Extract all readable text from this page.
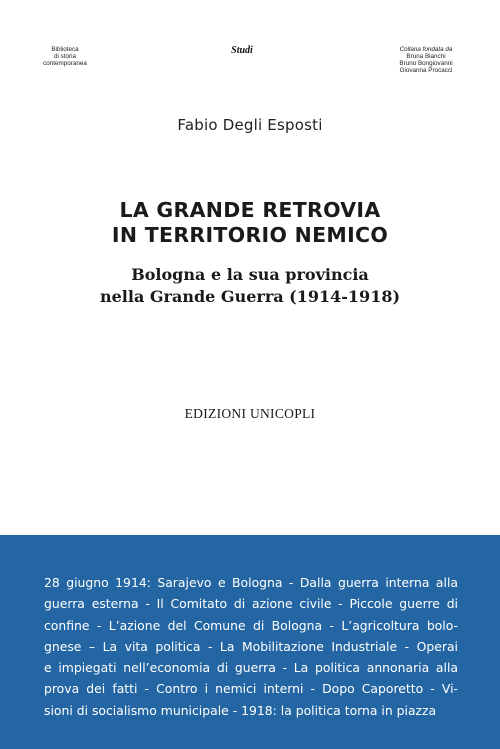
Biblioteca
di storia
contemporanea
Studi	Collana fondata da
Bruna Bianchi
Bruno Bongiovanni
Giovanna Procacci
Fabio Degli Esposti
LA GRANDE RETROVIA
IN TERRITORIO NEMICO
Bologna e la sua provincia
nella Grande Guerra (1914-1918)
EDIZIONI UNICOPLI
28 giugno 1914: Sarajevo e Bologna - Dalla guerra interna alla
guerra esterna - Il Comitato di azione civile - Piccole guerre di
confine - L’azione del Comune di Bologna - L’agricoltura bolo-
gnese – La vita politica - La Mobilitazione Industriale - Operai
e impiegati nell’economia di guerra - La politica annonaria alla
prova dei fatti - Contro i nemici interni - Dopo Caporetto - Vi-
sioni di socialismo municipale - 1918: la politica torna in piazza
